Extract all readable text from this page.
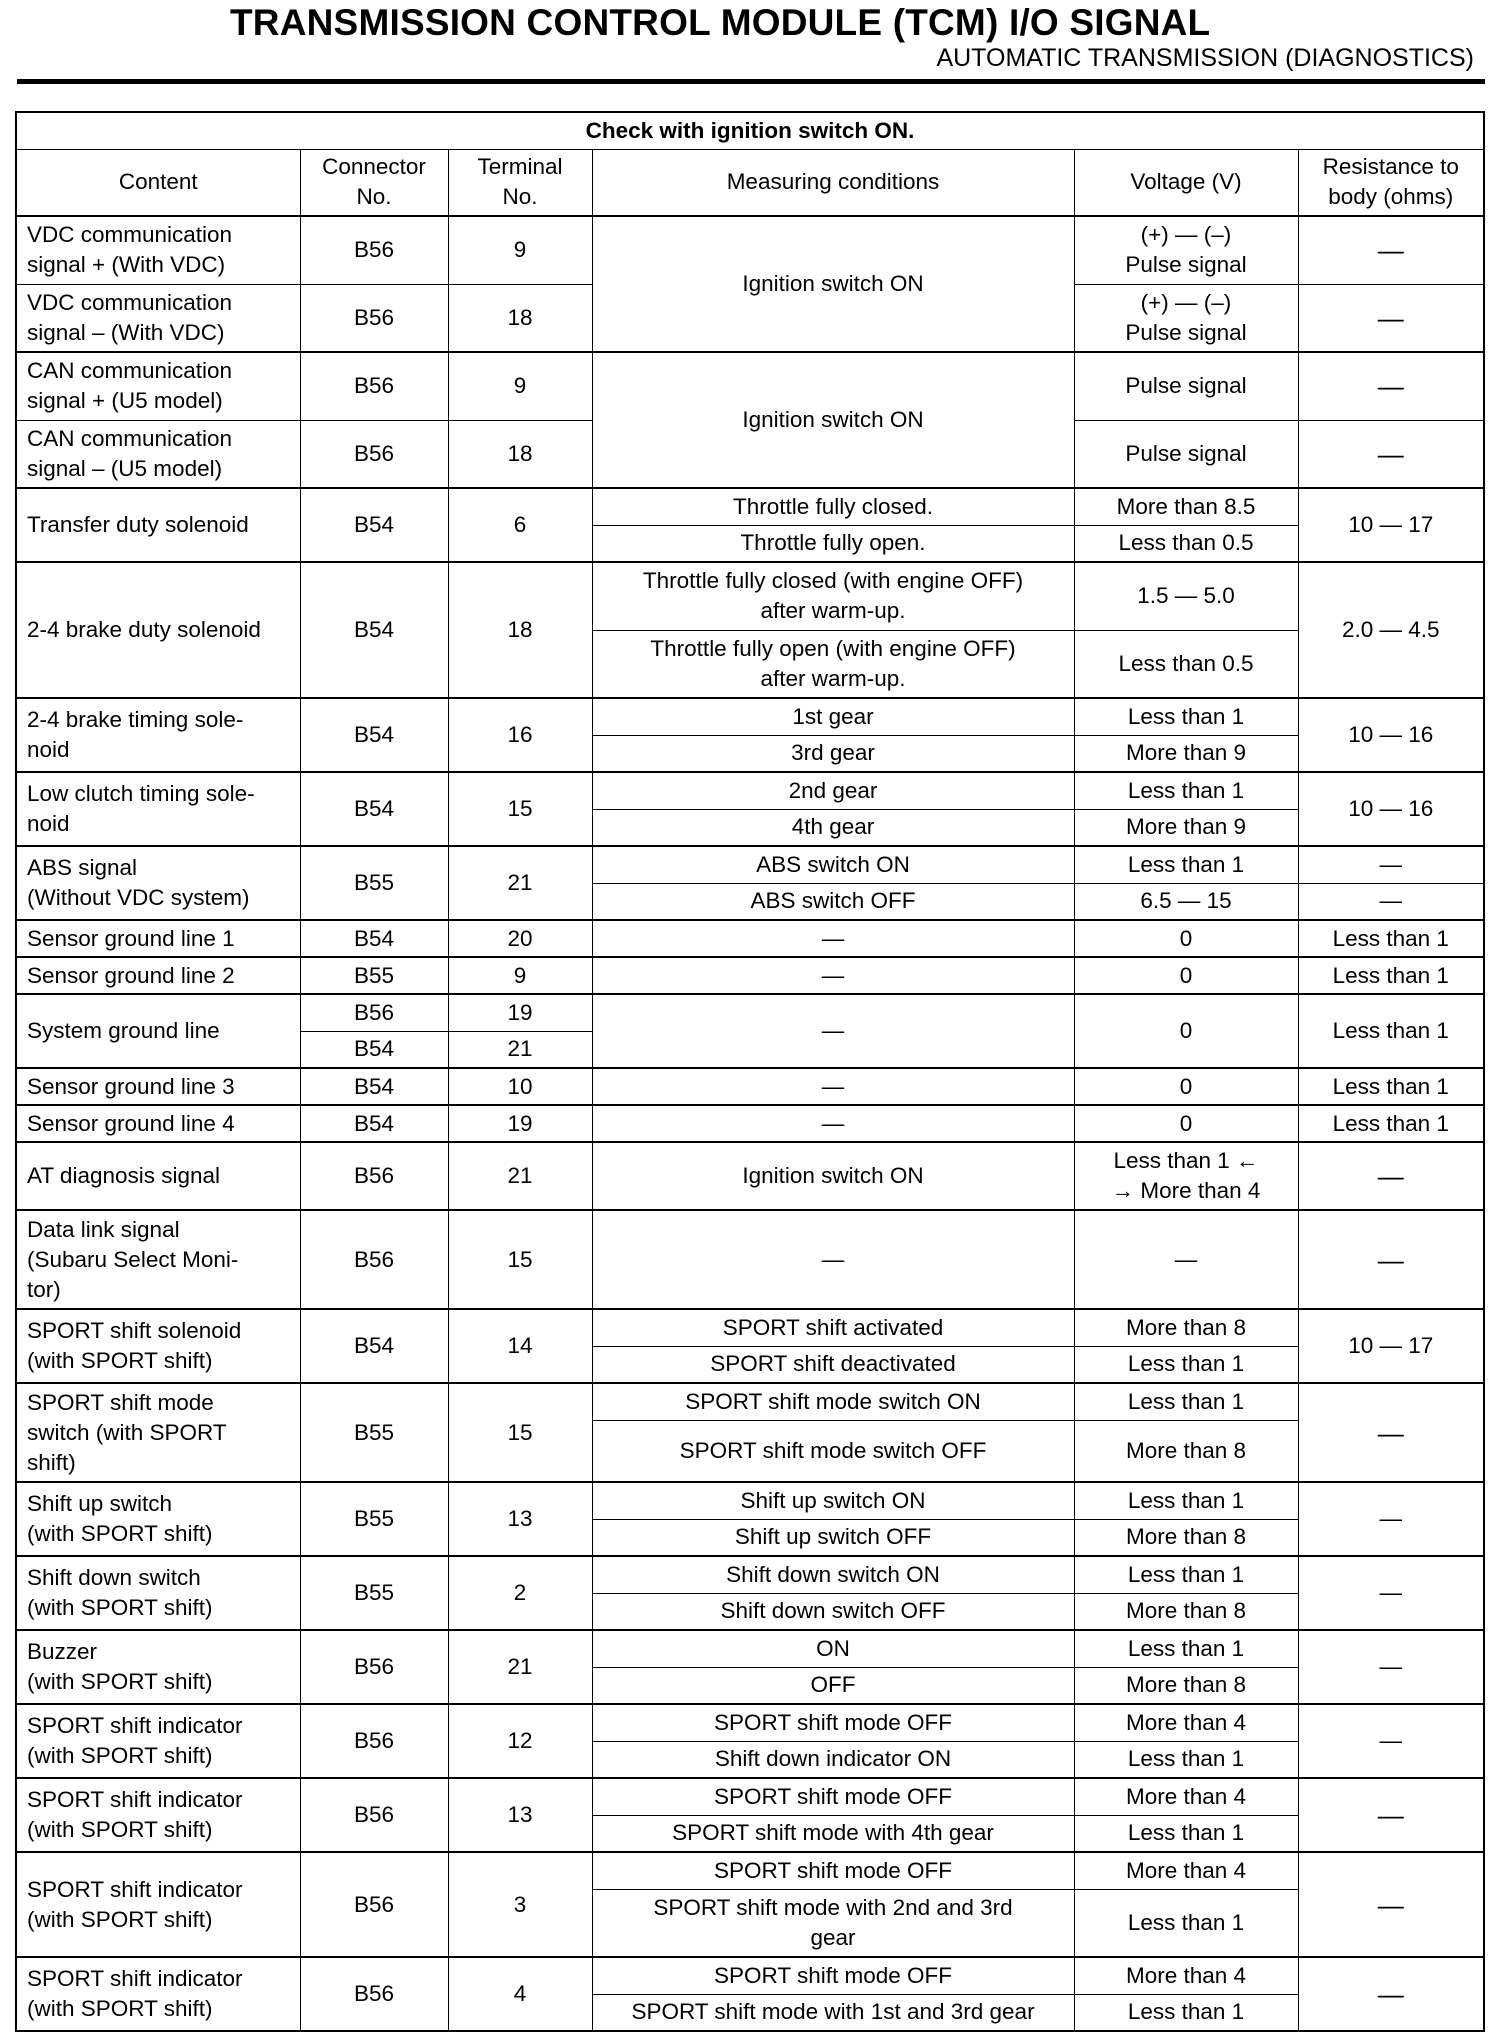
TRANSMISSION CONTROL MODULE (TCM) I/O SIGNAL
AUTOMATIC TRANSMISSION (DIAGNOSTICS)
Check with ignition switch ON.					
Content	Connector
No.	Terminal
No.	Measuring conditions	Voltage (V)	Resistance to
body (ohms)
VDC communication
signal + (With VDC)	B56	9	Ignition switch ON	(+) — (–)
Pulse signal	—
VDC communication
signal – (With VDC)	B56	18		(+) — (–)
Pulse signal	—
CAN communication
signal + (U5 model)	B56	9	Ignition switch ON	Pulse signal	—
CAN communication
signal – (U5 model)	B56	18		Pulse signal	—
Transfer duty solenoid	B54	6	Throttle fully closed.	More than 8.5	10 — 17
			Throttle fully open.	Less than 0.5	
2-4 brake duty solenoid	B54	18	Throttle fully closed (with engine OFF)
after warm-up.	1.5 — 5.0	2.0 — 4.5
			Throttle fully open (with engine OFF)
after warm-up.	Less than 0.5	
2-4 brake timing sole-
noid	B54	16	1st gear	Less than 1	10 — 16
			3rd gear	More than 9	
Low clutch timing sole-
noid	B54	15	2nd gear	Less than 1	10 — 16
			4th gear	More than 9	
ABS signal
(Without VDC system)	B55	21	ABS switch ON	Less than 1	—
			ABS switch OFF	6.5 — 15	—
Sensor ground line 1	B54	20	—	0	Less than 1
Sensor ground line 2	B55	9	—	0	Less than 1
System ground line	B56	19	—	0	Less than 1
	B54	21			
Sensor ground line 3	B54	10	—	0	Less than 1
Sensor ground line 4	B54	19	—	0	Less than 1
AT diagnosis signal	B56	21	Ignition switch ON	Less than 1 ←
→ More than 4	—
Data link signal
(Subaru Select Moni-
tor)	B56	15	—	—	—
SPORT shift solenoid
(with SPORT shift)	B54	14	SPORT shift activated	More than 8	10 — 17
			SPORT shift deactivated	Less than 1	
SPORT shift mode
switch (with SPORT
shift)	B55	15	SPORT shift mode switch ON	Less than 1	—
			SPORT shift mode switch OFF	More than 8	
Shift up switch
(with SPORT shift)	B55	13	Shift up switch ON	Less than 1	—
			Shift up switch OFF	More than 8	
Shift down switch
(with SPORT shift)	B55	2	Shift down switch ON	Less than 1	—
			Shift down switch OFF	More than 8	
Buzzer
(with SPORT shift)	B56	21	ON	Less than 1	—
			OFF	More than 8	
SPORT shift indicator
(with SPORT shift)	B56	12	SPORT shift mode OFF	More than 4	—
			Shift down indicator ON	Less than 1	
SPORT shift indicator
(with SPORT shift)	B56	13	SPORT shift mode OFF	More than 4	—
			SPORT shift mode with 4th gear	Less than 1	
SPORT shift indicator
(with SPORT shift)	B56	3	SPORT shift mode OFF	More than 4	—
			SPORT shift mode with 2nd and 3rd
gear	Less than 1	
SPORT shift indicator
(with SPORT shift)	B56	4	SPORT shift mode OFF	More than 4	—
			SPORT shift mode with 1st and 3rd gear	Less than 1	
